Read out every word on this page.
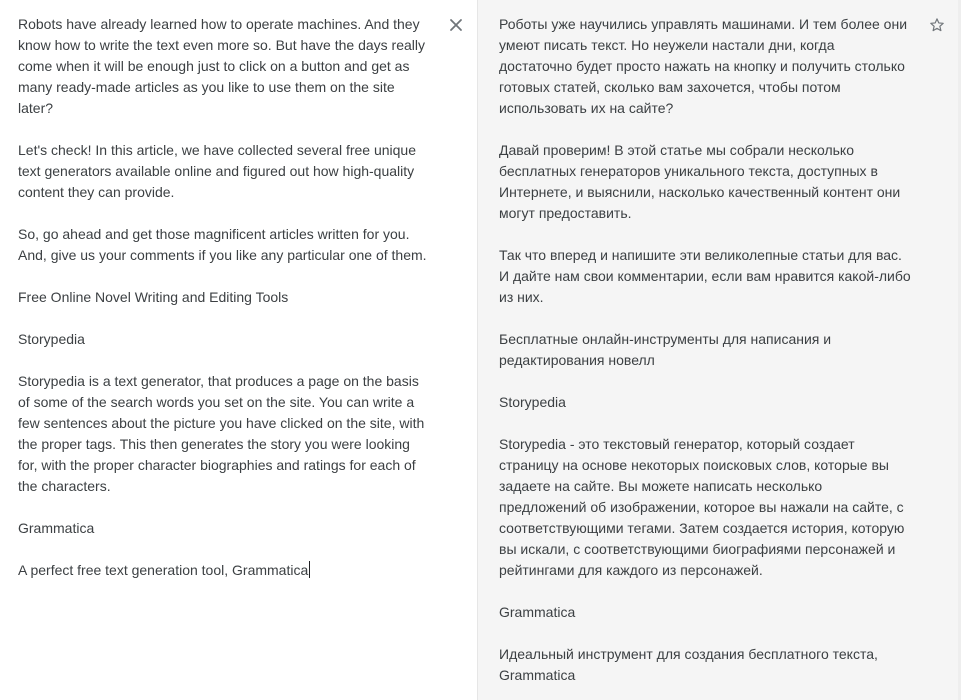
Robots have already learned how to operate machines. And they know how to write the text even more so. But have the days really come when it will be enough just to click on a button and get as many ready-made articles as you like to use them on the site later?

Let's check! In this article, we have collected several free unique text generators available online and figured out how high-quality content they can provide.

So, go ahead and get those magnificent articles written for you. And, give us your comments if you like any particular one of them.

Free Online Novel Writing and Editing Tools

Storypedia

Storypedia is a text generator, that produces a page on the basis of some of the search words you set on the site. You can write a few sentences about the picture you have clicked on the site, with the proper tags. This then generates the story you were looking for, with the proper character biographies and ratings for each of the characters.

Grammatica

A perfect free text generation tool, Grammatica

Роботы уже научились управлять машинами. И тем более они умеют писать текст. Но неужели настали дни, когда достаточно будет просто нажать на кнопку и получить столько готовых статей, сколько вам захочется, чтобы потом использовать их на сайте?

Давай проверим! В этой статье мы собрали несколько бесплатных генераторов уникального текста, доступных в Интернете, и выяснили, насколько качественный контент они могут предоставить.

Так что вперед и напишите эти великолепные статьи для вас. И дайте нам свои комментарии, если вам нравится какой-либо из них.

Бесплатные онлайн-инструменты для написания и редактирования новелл

Storypedia

Storypedia - это текстовый генератор, который создает страницу на основе некоторых поисковых слов, которые вы задаете на сайте. Вы можете написать несколько предложений об изображении, которое вы нажали на сайте, с соответствующими тегами. Затем создается история, которую вы искали, с соответствующими биографиями персонажей и рейтингами для каждого из персонажей.

Grammatica

Идеальный инструмент для создания бесплатного текста, Grammatica
